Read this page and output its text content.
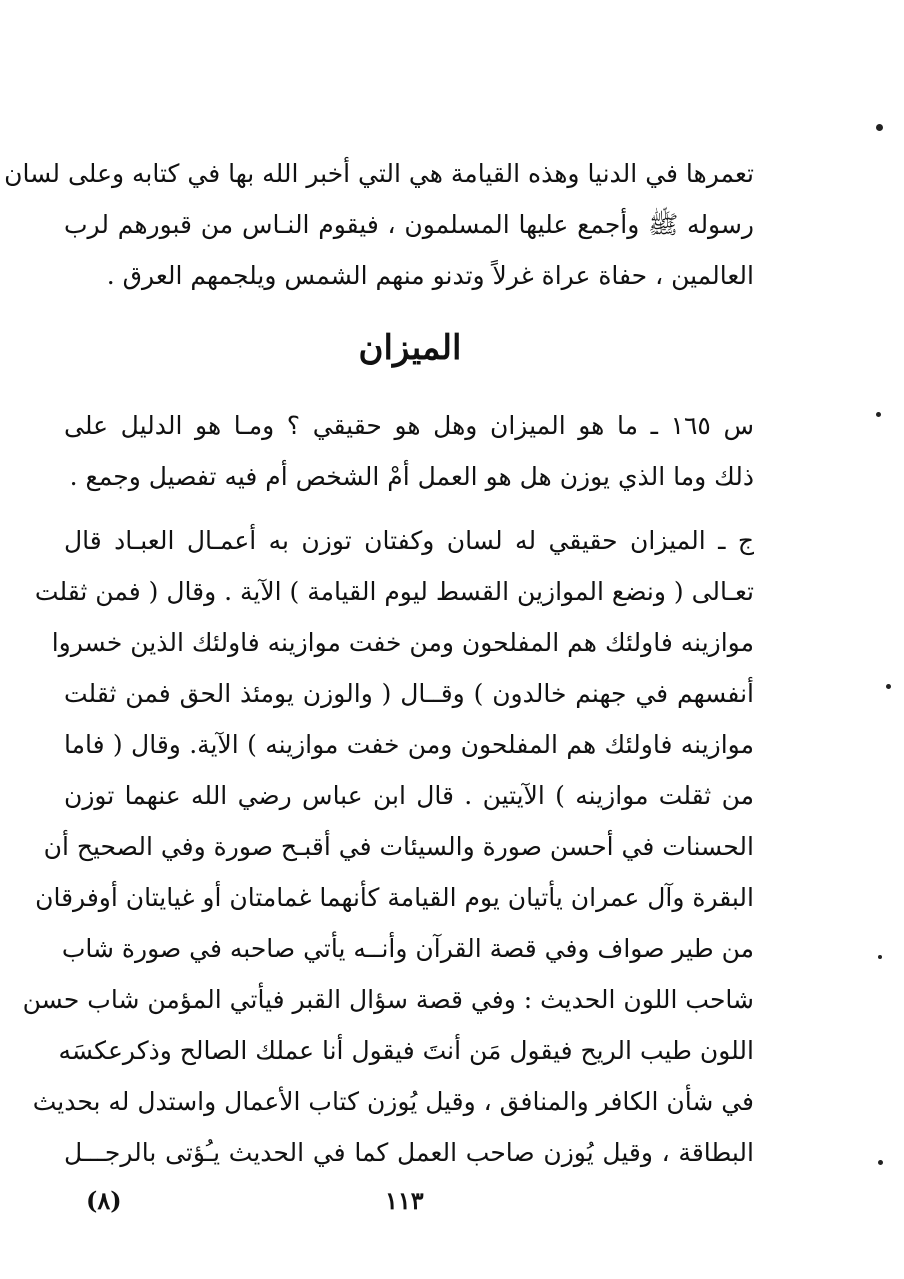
تعمرها في الدنيا وهذه القيامة هي التي أخبر الله بها في كتابه وعلى لسان
رسوله ﷺ وأجمع عليها المسلمون ، فيقوم النـاس من قبورهم لرب
العالمين ، حفاة عراة غرلاً وتدنو منهم الشمس ويلجمهم العرق .
الميزان
س ١٦٥ ـ ما هو الميزان وهل هو حقيقي ؟ ومـا هو الدليل على
ذلك وما الذي يوزن هل هو العمل أمْ الشخص أم فيه تفصيل وجمع .
ج ـ الميزان حقيقي له لسان وكفتان توزن به أعمـال العبـاد قال
تعـالى ( ونضع الموازين القسط ليوم القيامة ) الآية . وقال ( فمن ثقلت
موازينه فاولئك هم المفلحون ومن خفت موازينه فاولئك الذين خسروا
أنفسهم في جهنم خالدون ) وقــال ( والوزن يومئذ الحق فمن ثقلت
موازينه فاولئك هم المفلحون ومن خفت موازينه ) الآية. وقال ( فاما
من ثقلت موازينه ) الآيتين . قال ابن عباس رضي الله عنهما توزن
الحسنات في أحسن صورة والسيئات في أقبـح صورة وفي الصحيح أن
البقرة وآل عمران يأتيان يوم القيامة كأنهما غمامتان أو غيايتان أوفرقان
من طير صواف وفي قصة القرآن وأنــه يأتي صاحبه في صورة شاب
شاحب اللون الحديث : وفي قصة سؤال القبر فيأتي المؤمن شاب حسن
اللون طيب الريح فيقول مَن أنتَ فيقول أنا عملك الصالح وذكرعكسَه
في شأن الكافر والمنافق ، وقيل يُوزن كتاب الأعمال واستدل له بحديث
البطاقة ، وقيل يُوزن صاحب العمل كما في الحديث يـُؤتى بالرجـــل
١١٣
(٨)
